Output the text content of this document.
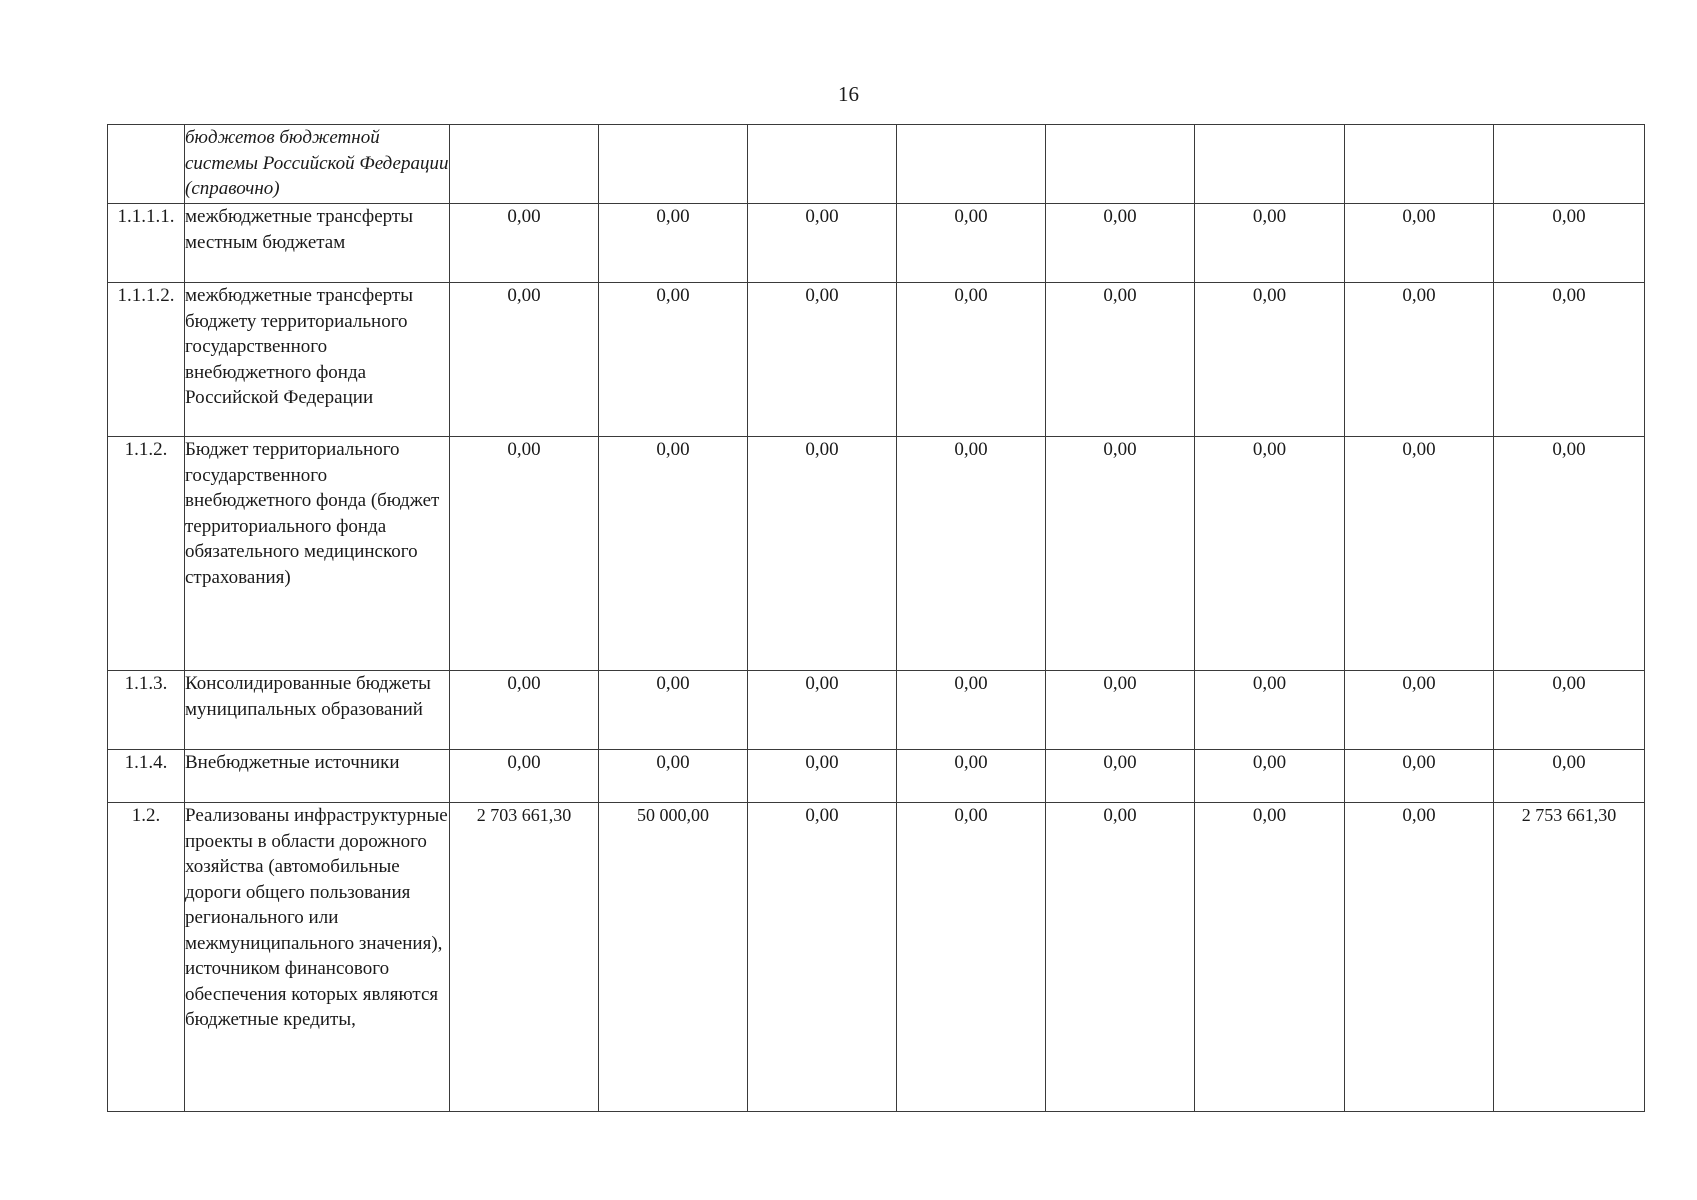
16
	бюджетов бюджетной системы Российской Федерации (справочно)								
1.1.1.1.	межбюджетные трансферты местным бюджетам	0,00	0,00	0,00	0,00	0,00	0,00	0,00	0,00
1.1.1.2.	межбюджетные трансферты бюджету территориального государственного внебюджетного фонда Российской Федерации	0,00	0,00	0,00	0,00	0,00	0,00	0,00	0,00
1.1.2.	Бюджет территориального государственного внебюджетного фонда (бюджет территориального фонда обязательного медицинского страхования)	0,00	0,00	0,00	0,00	0,00	0,00	0,00	0,00
1.1.3.	Консолидированные бюджеты муниципальных образований	0,00	0,00	0,00	0,00	0,00	0,00	0,00	0,00
1.1.4.	Внебюджетные источники	0,00	0,00	0,00	0,00	0,00	0,00	0,00	0,00
1.2.	Реализованы инфраструктурные проекты в области дорожного хозяйства (автомобильные дороги общего пользования регионального или межмуниципального значения), источником финансового обеспечения которых являются бюджетные кредиты,	2 703 661,30	50 000,00	0,00	0,00	0,00	0,00	0,00	2 753 661,30
